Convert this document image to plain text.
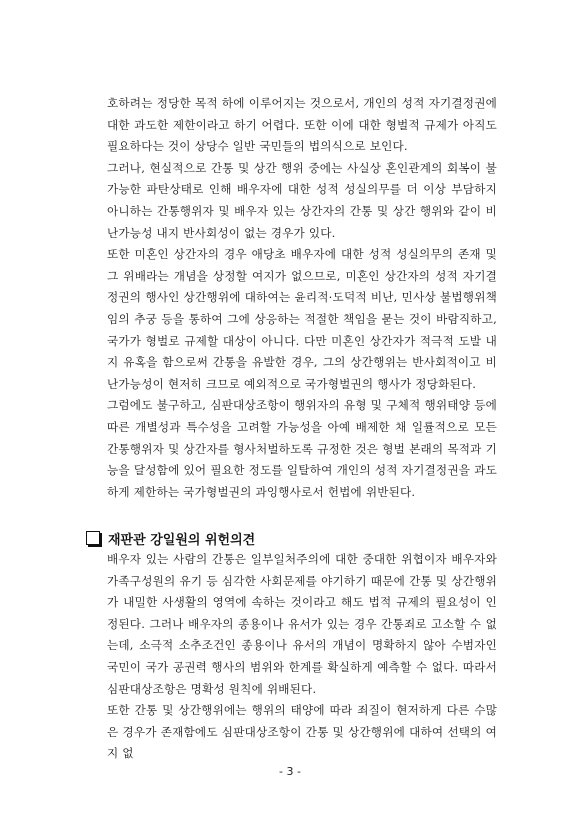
호하려는 정당한 목적 하에 이루어지는 것으로서, 개인의 성적 자기결정권에 대한 과도한 제한이라고 하기 어렵다. 또한 이에 대한 형벌적 규제가 아직도 필요하다는 것이 상당수 일반 국민들의 법의식으로 보인다.

그러나, 현실적으로 간통 및 상간 행위 중에는 사실상 혼인관계의 회복이 불가능한 파탄상태로 인해 배우자에 대한 성적 성실의무를 더 이상 부담하지 아니하는 간통행위자 및 배우자 있는 상간자의 간통 및 상간 행위와 같이 비난가능성 내지 반사회성이 없는 경우가 있다.

또한 미혼인 상간자의 경우 애당초 배우자에 대한 성적 성실의무의 존재 및 그 위배라는 개념을 상정할 여지가 없으므로, 미혼인 상간자의 성적 자기결정권의 행사인 상간행위에 대하여는 윤리적·도덕적 비난, 민사상 불법행위책임의 추궁 등을 통하여 그에 상응하는 적절한 책임을 묻는 것이 바람직하고, 국가가 형벌로 규제할 대상이 아니다. 다만 미혼인 상간자가 적극적 도발 내지 유혹을 함으로써 간통을 유발한 경우, 그의 상간행위는 반사회적이고 비난가능성이 현저히 크므로 예외적으로 국가형벌권의 행사가 정당화된다.

그럼에도 불구하고, 심판대상조항이 행위자의 유형 및 구체적 행위태양 등에 따른 개별성과 특수성을 고려할 가능성을 아예 배제한 채 일률적으로 모든 간통행위자 및 상간자를 형사처벌하도록 규정한 것은 형벌 본래의 목적과 기능을 달성함에 있어 필요한 정도를 일탈하여 개인의 성적 자기결정권을 과도하게 제한하는 국가형벌권의 과잉행사로서 헌법에 위반된다.

재판관 강일원의 위헌의견

배우자 있는 사람의 간통은 일부일처주의에 대한 중대한 위협이자 배우자와 가족구성원의 유기 등 심각한 사회문제를 야기하기 때문에 간통 및 상간행위가 내밀한 사생활의 영역에 속하는 것이라고 해도 법적 규제의 필요성이 인정된다. 그러나 배우자의 종용이나 유서가 있는 경우 간통죄로 고소할 수 없는데, 소극적 소추조건인 종용이나 유서의 개념이 명확하지 않아 수범자인 국민이 국가 공권력 행사의 범위와 한계를 확실하게 예측할 수 없다. 따라서 심판대상조항은 명확성 원칙에 위배된다.

또한 간통 및 상간행위에는 행위의 태양에 따라 죄질이 현저하게 다른 수많은 경우가 존재함에도 심판대상조항이 간통 및 상간행위에 대하여 선택의 여지 없

- 3 -
